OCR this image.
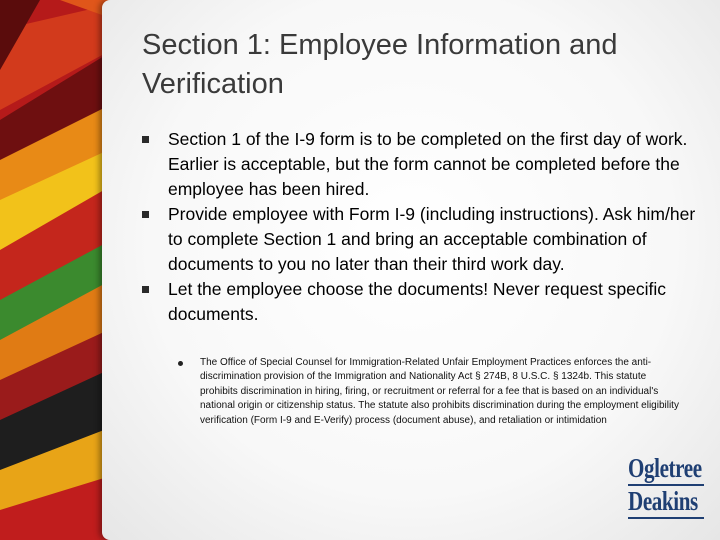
Section 1: Employee Information and Verification
Section 1 of the I-9 form is to be completed on the first day of work. Earlier is acceptable, but the form cannot be completed before the employee has been hired.
Provide employee with Form I-9 (including instructions). Ask him/her to complete Section 1 and bring an acceptable combination of documents to you no later than their third work day.
Let the employee choose the documents! Never request specific documents.
The Office of Special Counsel for Immigration-Related Unfair Employment Practices enforces the anti-discrimination provision of the Immigration and Nationality Act § 274B, 8 U.S.C. § 1324b. This statute prohibits discrimination in hiring, firing, or recruitment or referral for a fee that is based on an individual's national origin or citizenship status. The statute also prohibits discrimination during the employment eligibility verification (Form I-9 and E-Verify) process (document abuse), and retaliation or intimidation
Ogletree
Deakins
